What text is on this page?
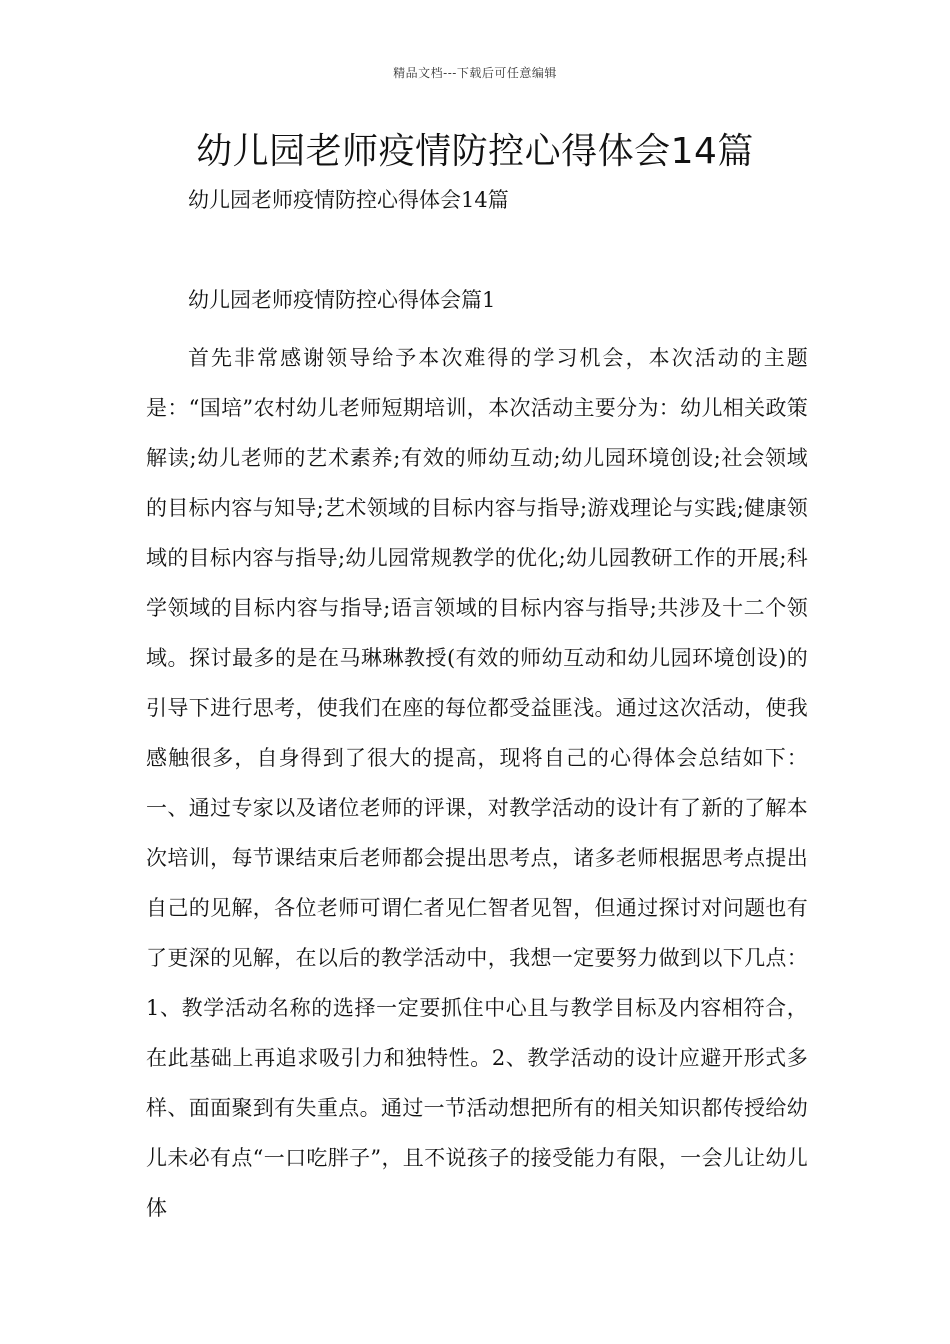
精品文档---下载后可任意编辑
幼儿园老师疫情防控心得体会14篇
幼儿园老师疫情防控心得体会14篇
幼儿园老师疫情防控心得体会篇1

首先非常感谢领导给予本次难得的学习机会，本次活动的主题是：“国培”农村幼儿老师短期培训，本次活动主要分为：幼儿相关政策解读;幼儿老师的艺术素养;有效的师幼互动;幼儿园环境创设;社会领域的目标内容与知导;艺术领域的目标内容与指导;游戏理论与实践;健康领域的目标内容与指导;幼儿园常规教学的优化;幼儿园教研工作的开展;科学领域的目标内容与指导;语言领域的目标内容与指导;共涉及十二个领域。探讨最多的是在马琳琳教授(有效的师幼互动和幼儿园环境创设)的引导下进行思考，使我们在座的每位都受益匪浅。通过这次活动，使我感触很多，自身得到了很大的提高，现将自己的心得体会总结如下：一、通过专家以及诸位老师的评课，对教学活动的设计有了新的了解本次培训，每节课结束后老师都会提出思考点，诸多老师根据思考点提出自己的见解，各位老师可谓仁者见仁智者见智，但通过探讨对问题也有了更深的见解，在以后的教学活动中，我想一定要努力做到以下几点：1、教学活动名称的选择一定要抓住中心且与教学目标及内容相符合，在此基础上再追求吸引力和独特性。2、教学活动的设计应避开形式多样、面面聚到有失重点。通过一节活动想把所有的相关知识都传授给幼儿未必有点“一口吃胖子”，且不说孩子的接受能力有限，一会儿让幼儿体
